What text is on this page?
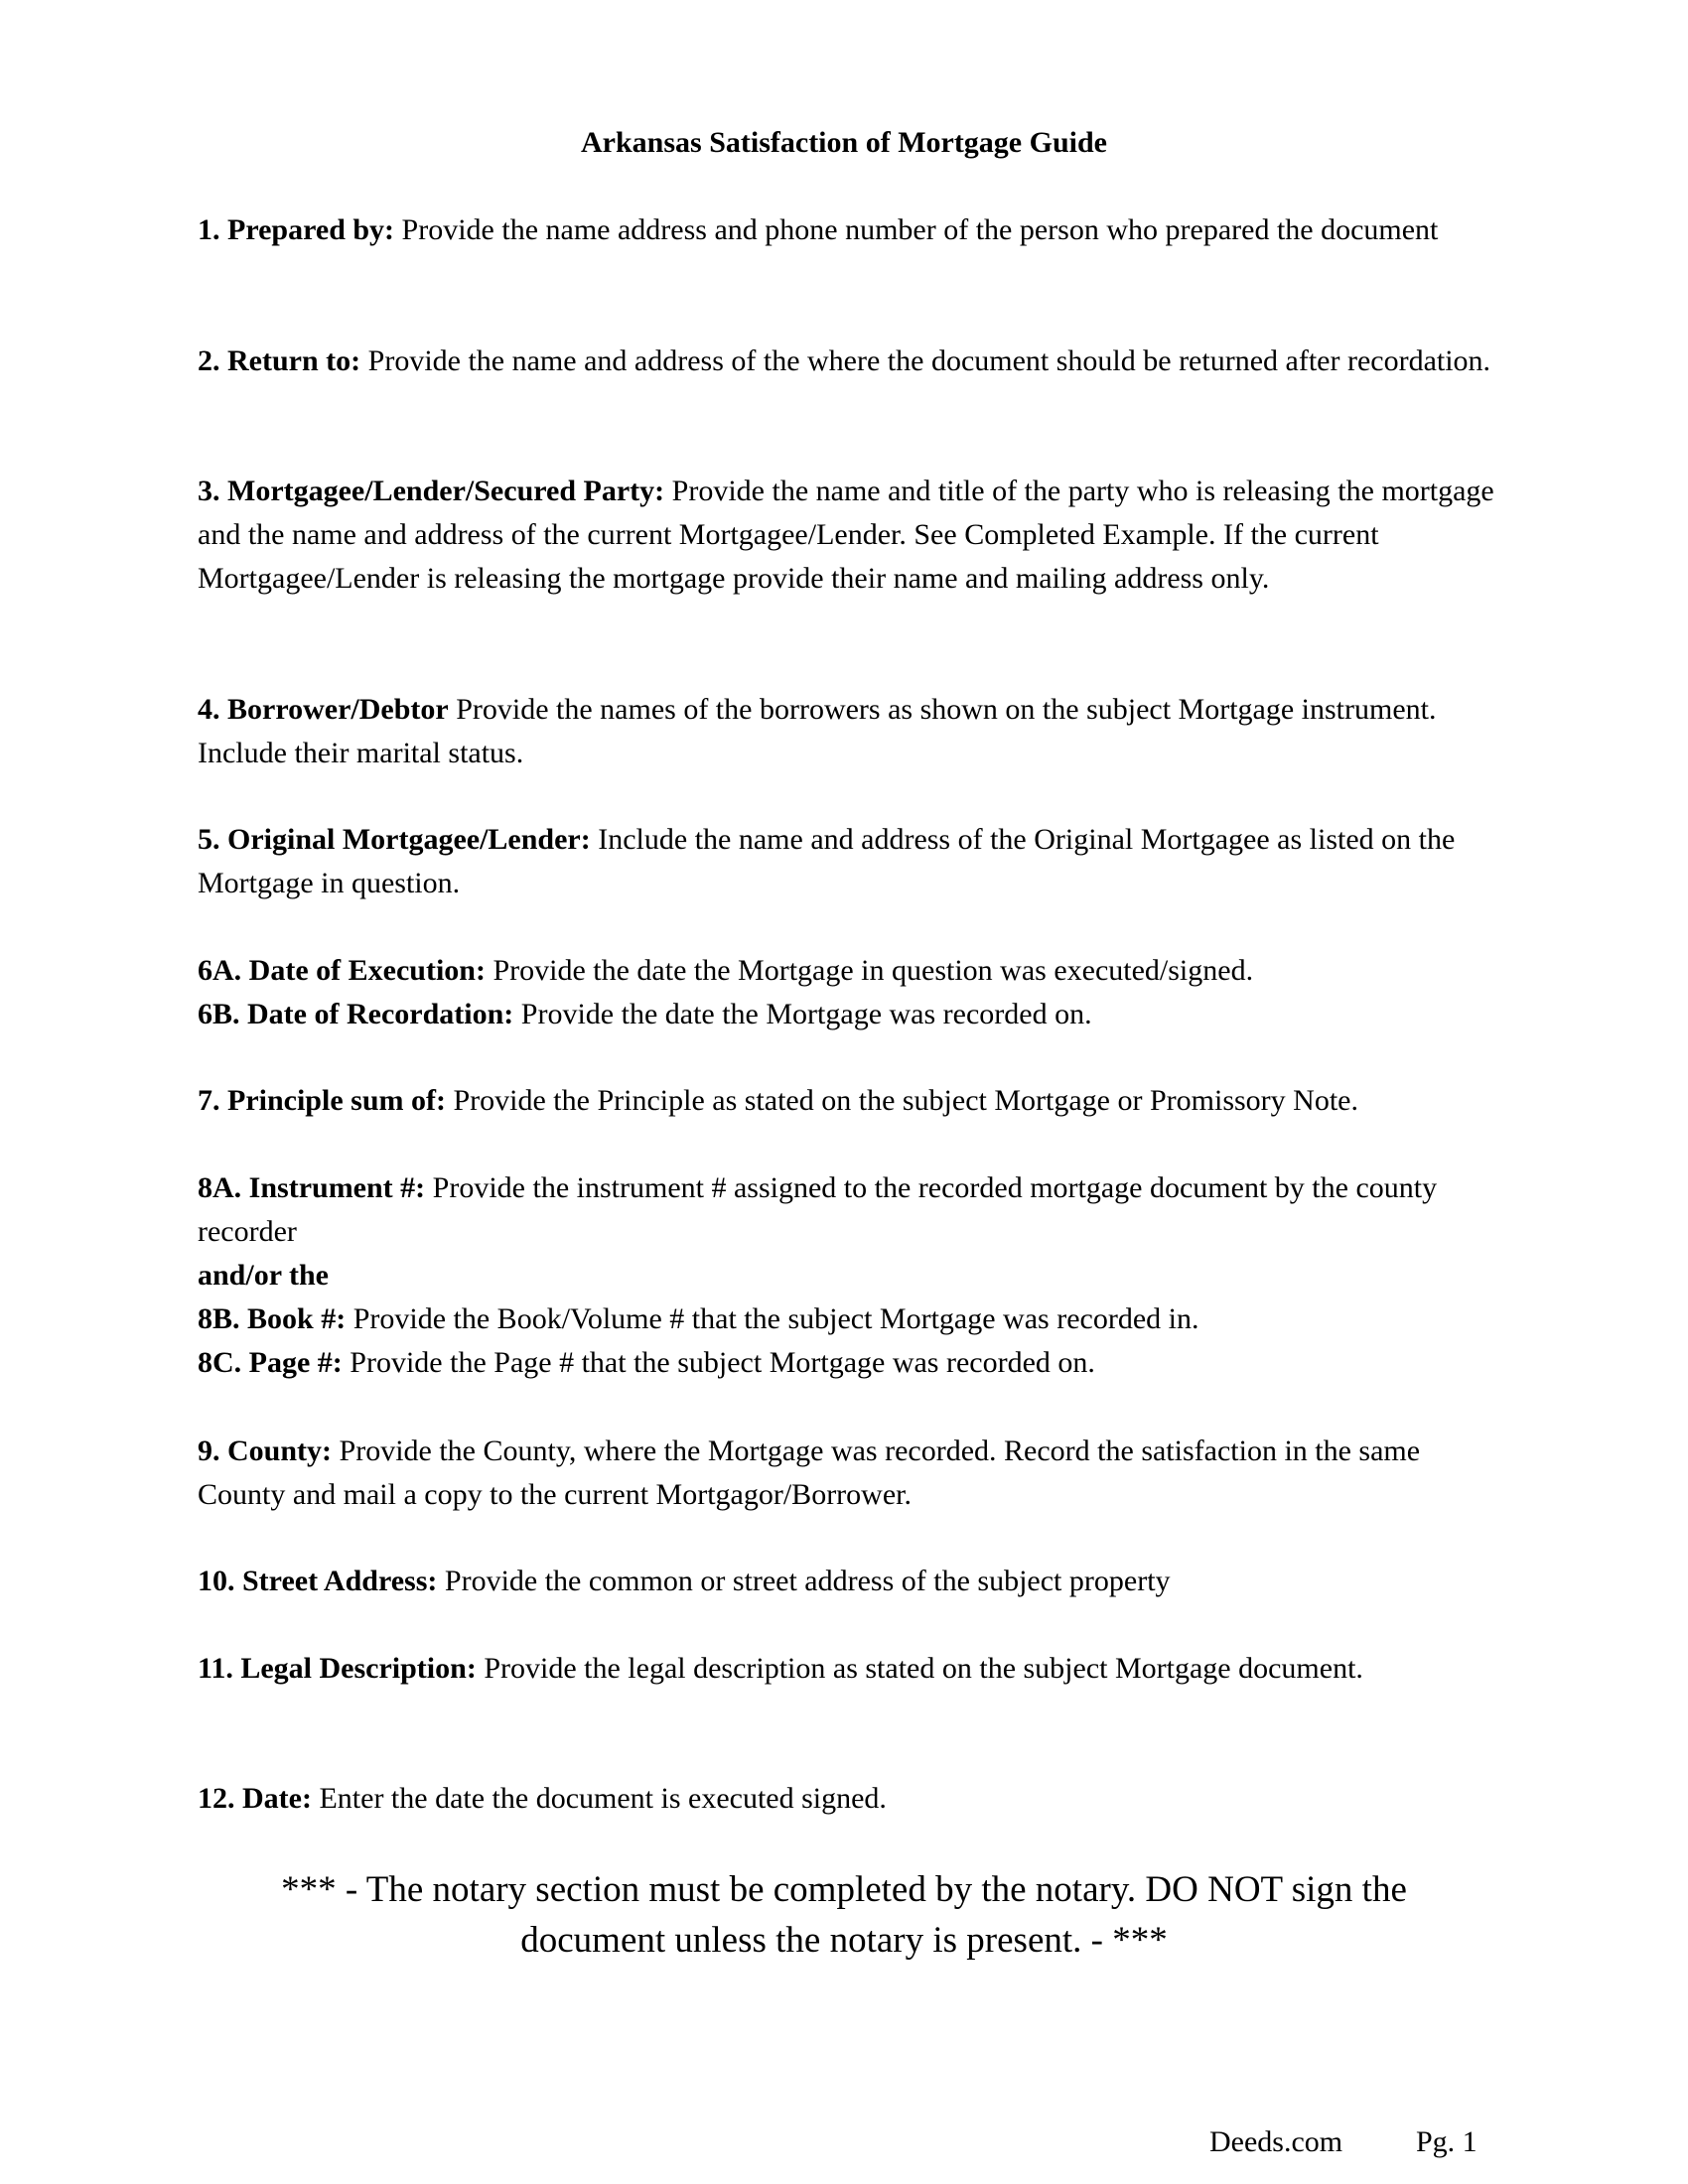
Arkansas Satisfaction of Mortgage Guide

1. Prepared by: Provide the name address and phone number of the person who prepared the document

2. Return to: Provide the name and address of the where the document should be returned after recordation.

3. Mortgagee/Lender/Secured Party: Provide the name and title of the party who is releasing the mortgage and the name and address of the current Mortgagee/Lender. See Completed Example. If the current Mortgagee/Lender is releasing the mortgage provide their name and mailing address only.

4. Borrower/Debtor Provide the names of the borrowers as shown on the subject Mortgage instrument. Include their marital status.

5. Original Mortgagee/Lender: Include the name and address of the Original Mortgagee as listed on the Mortgage in question.

6A. Date of Execution: Provide the date the Mortgage in question was executed/signed.

6B. Date of Recordation: Provide the date the Mortgage was recorded on.

7. Principle sum of: Provide the Principle as stated on the subject Mortgage or Promissory Note.

8A. Instrument #: Provide the instrument # assigned to the recorded mortgage document by the county recorder

and/or the

8B. Book #: Provide the Book/Volume # that the subject Mortgage was recorded in.

8C. Page #: Provide the Page # that the subject Mortgage was recorded on.

9. County: Provide the County, where the Mortgage was recorded. Record the satisfaction in the same County and mail a copy to the current Mortgagor/Borrower.

10. Street Address: Provide the common or street address of the subject property

11. Legal Description: Provide the legal description as stated on the subject Mortgage document.

12. Date: Enter the date the document is executed signed.

*** - The notary section must be completed by the notary. DO NOT sign the
document unless the notary is present. - ***
Deeds.com Pg. 1
